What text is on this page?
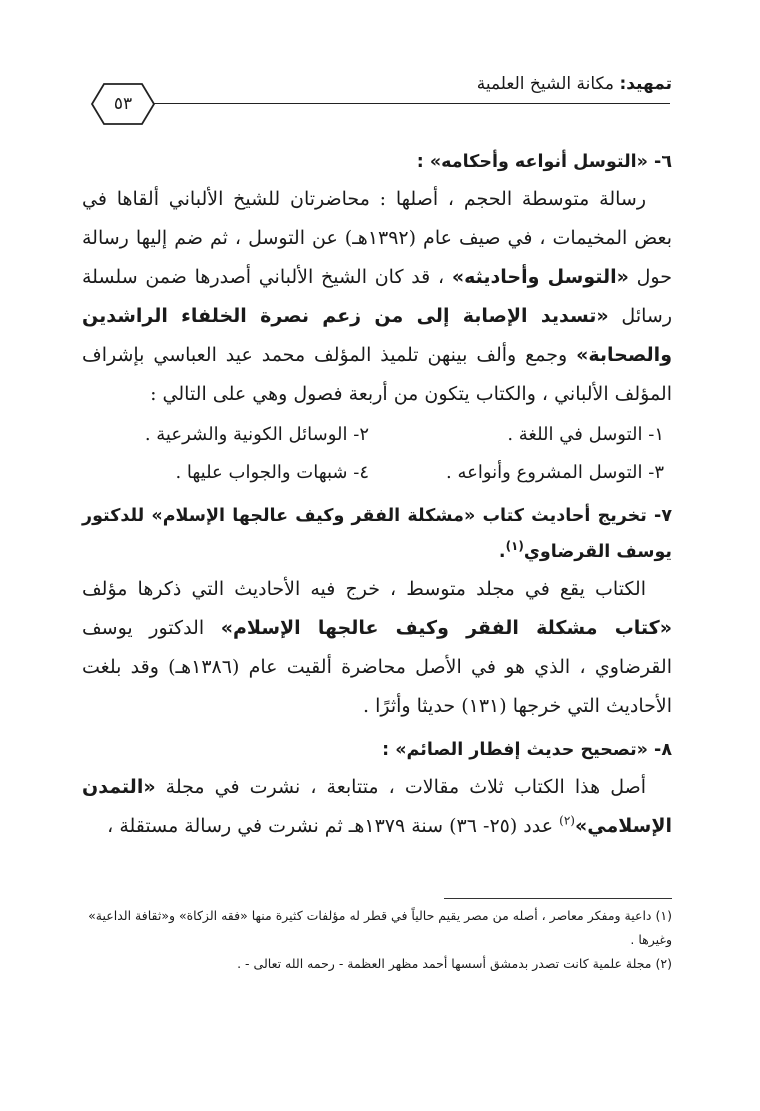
تمهيد: مكانة الشيخ العلمية
٥٣

٦- «التوسل أنواعه وأحكامه» :

رسالة متوسطة الحجم ، أصلها : محاضرتان للشيخ الألباني ألقاها في بعض المخيمات ، في صيف عام (١٣٩٢هـ) عن التوسل ، ثم ضم إليها رسالة حول «التوسل وأحاديثه» ، قد كان الشيخ الألباني أصدرها ضمن سلسلة رسائل «تسديد الإصابة إلى من زعم نصرة الخلفاء الراشدين والصحابة» وجمع وألف بينهن تلميذ المؤلف محمد عيد العباسي بإشراف المؤلف الألباني ، والكتاب يتكون من أربعة فصول وهي على التالي :

١- التوسل في اللغة .
٢- الوسائل الكونية والشرعية .
٣- التوسل المشروع وأنواعه .
٤- شبهات والجواب عليها .

٧- تخريج أحاديث كتاب «مشكلة الفقر وكيف عالجها الإسلام» للدكتور يوسف القرضاوي$^{(١)}$.

الكتاب يقع في مجلد متوسط ، خرج فيه الأحاديث التي ذكرها مؤلف «كتاب مشكلة الفقر وكيف عالجها الإسلام» الدكتور يوسف القرضاوي ، الذي هو في الأصل محاضرة ألقيت عام (١٣٨٦هـ) وقد بلغت الأحاديث التي خرجها (١٣١) حديثا وأثرًا .

٨- «تصحيح حديث إفطار الصائم» :

أصل هذا الكتاب ثلاث مقالات ، متتابعة ، نشرت في مجلة «التمدن الإسلامي»$^{(٢)}$ عدد (٢٥- ٣٦) سنة ١٣٧٩هـ ثم نشرت في رسالة مستقلة ،

(١)داعية ومفكر معاصر ، أصله من مصر يقيم حالياً في قطر له مؤلفات كثيرة منها «فقه الزكاة» و«ثقافة الداعية» وغيرها .

(٢)مجلة علمية كانت تصدر بدمشق أسسها أحمد مظهر العظمة - رحمه الله تعالى - .
